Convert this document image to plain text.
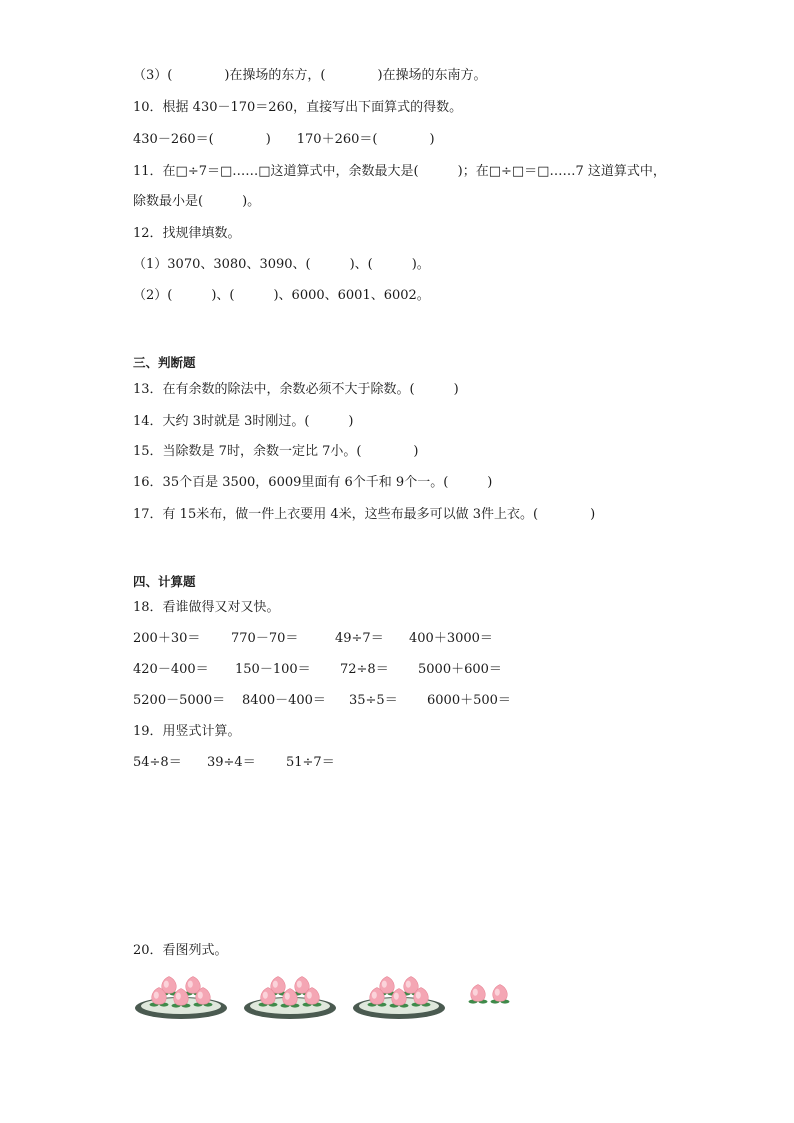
（3）(　　　　)在操场的东方，(　　　　)在操场的东南方。
10．根据 430－170＝260，直接写出下面算式的得数。
430－260＝(　　　　)　　170＋260＝(　　　　)
11．在□÷7＝□……□这道算式中，余数最大是(　　　)；在□÷□＝□……7 这道算式中，
除数最小是(　　　)。
12．找规律填数。
（1）3070、3080、3090、(　　　)、(　　　)。
（2）(　　　)、(　　　)、6000、6001、6002。
三、判断题
13．在有余数的除法中，余数必须不大于除数。(　　　)
14．大约 3时就是 3时刚过。(　　　)
15．当除数是 7时，余数一定比 7小。(　　　　)
16．35个百是 3500，6009里面有 6个千和 9个一。(　　　)
17．有 15米布，做一件上衣要用 4米，这些布最多可以做 3件上衣。(　　　　)
四、计算题
18．看谁做得又对又快。
200＋30＝ 770－70＝	49÷7＝ 400＋3000＝
420－400＝ 150－100＝ 72÷8＝ 5000＋600＝
5200－5000＝ 8400－400＝ 35÷5＝ 6000＋500＝
19．用竖式计算。
54÷8＝ 39÷4＝ 51÷7＝
20．看图列式。
